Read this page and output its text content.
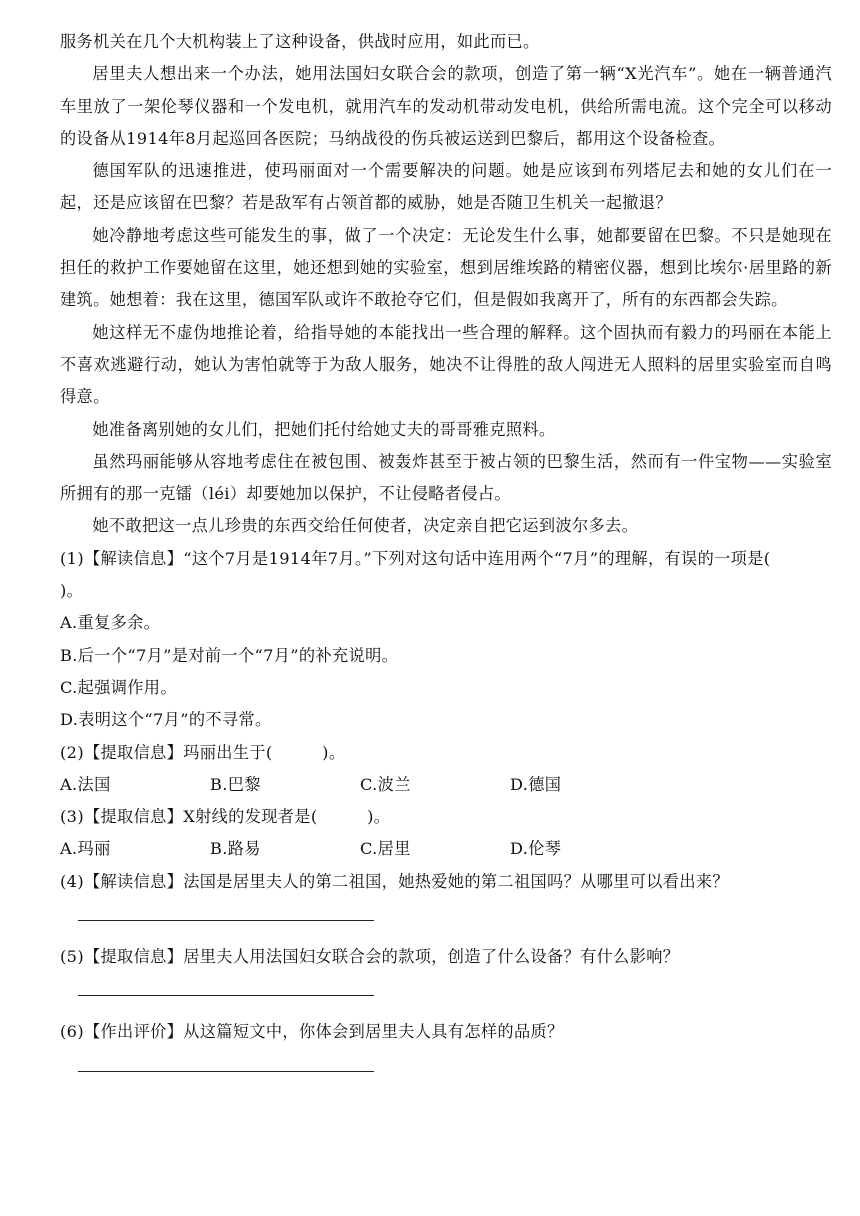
服务机关在几个大机构装上了这种设备，供战时应用，如此而已。

居里夫人想出来一个办法，她用法国妇女联合会的款项，创造了第一辆“X光汽车”。她在一辆普通汽车里放了一架伦琴仪器和一个发电机，就用汽车的发动机带动发电机，供给所需电流。这个完全可以移动的设备从1914年8月起巡回各医院；马纳战役的伤兵被运送到巴黎后，都用这个设备检查。

德国军队的迅速推进，使玛丽面对一个需要解决的问题。她是应该到布列塔尼去和她的女儿们在一起，还是应该留在巴黎？若是敌军有占领首都的威胁，她是否随卫生机关一起撤退？

她冷静地考虑这些可能发生的事，做了一个决定：无论发生什么事，她都要留在巴黎。不只是她现在担任的救护工作要她留在这里，她还想到她的实验室，想到居维埃路的精密仪器，想到比埃尔·居里路的新建筑。她想着：我在这里，德国军队或许不敢抢夺它们，但是假如我离开了，所有的东西都会失踪。

她这样无不虚伪地推论着，给指导她的本能找出一些合理的解释。这个固执而有毅力的玛丽在本能上不喜欢逃避行动，她认为害怕就等于为敌人服务，她决不让得胜的敌人闯进无人照料的居里实验室而自鸣得意。

她准备离别她的女儿们，把她们托付给她丈夫的哥哥雅克照料。

虽然玛丽能够从容地考虑住在被包围、被轰炸甚至于被占领的巴黎生活，然而有一件宝物——实验室所拥有的那一克镭（léi）却要她加以保护，不让侵略者侵占。

她不敢把这一点儿珍贵的东西交给任何使者，决定亲自把它运到波尔多去。

(1)【解读信息】“这个7月是1914年7月。”下列对这句话中连用两个“7月”的理解，有误的一项是(　　　)。

A.重复多余。

B.后一个“7月”是对前一个“7月”的补充说明。

C.起强调作用。

D.表明这个“7月”的不寻常。

(2)【提取信息】玛丽出生于(　　　)。

A.法国	B.巴黎	C.波兰	D.德国

(3)【提取信息】X射线的发现者是(　　　)。

A.玛丽	B.路易	C.居里	D.伦琴

(4)【解读信息】法国是居里夫人的第二祖国，她热爱她的第二祖国吗？从哪里可以看出来？

(5)【提取信息】居里夫人用法国妇女联合会的款项，创造了什么设备？有什么影响？

(6)【作出评价】从这篇短文中，你体会到居里夫人具有怎样的品质？
